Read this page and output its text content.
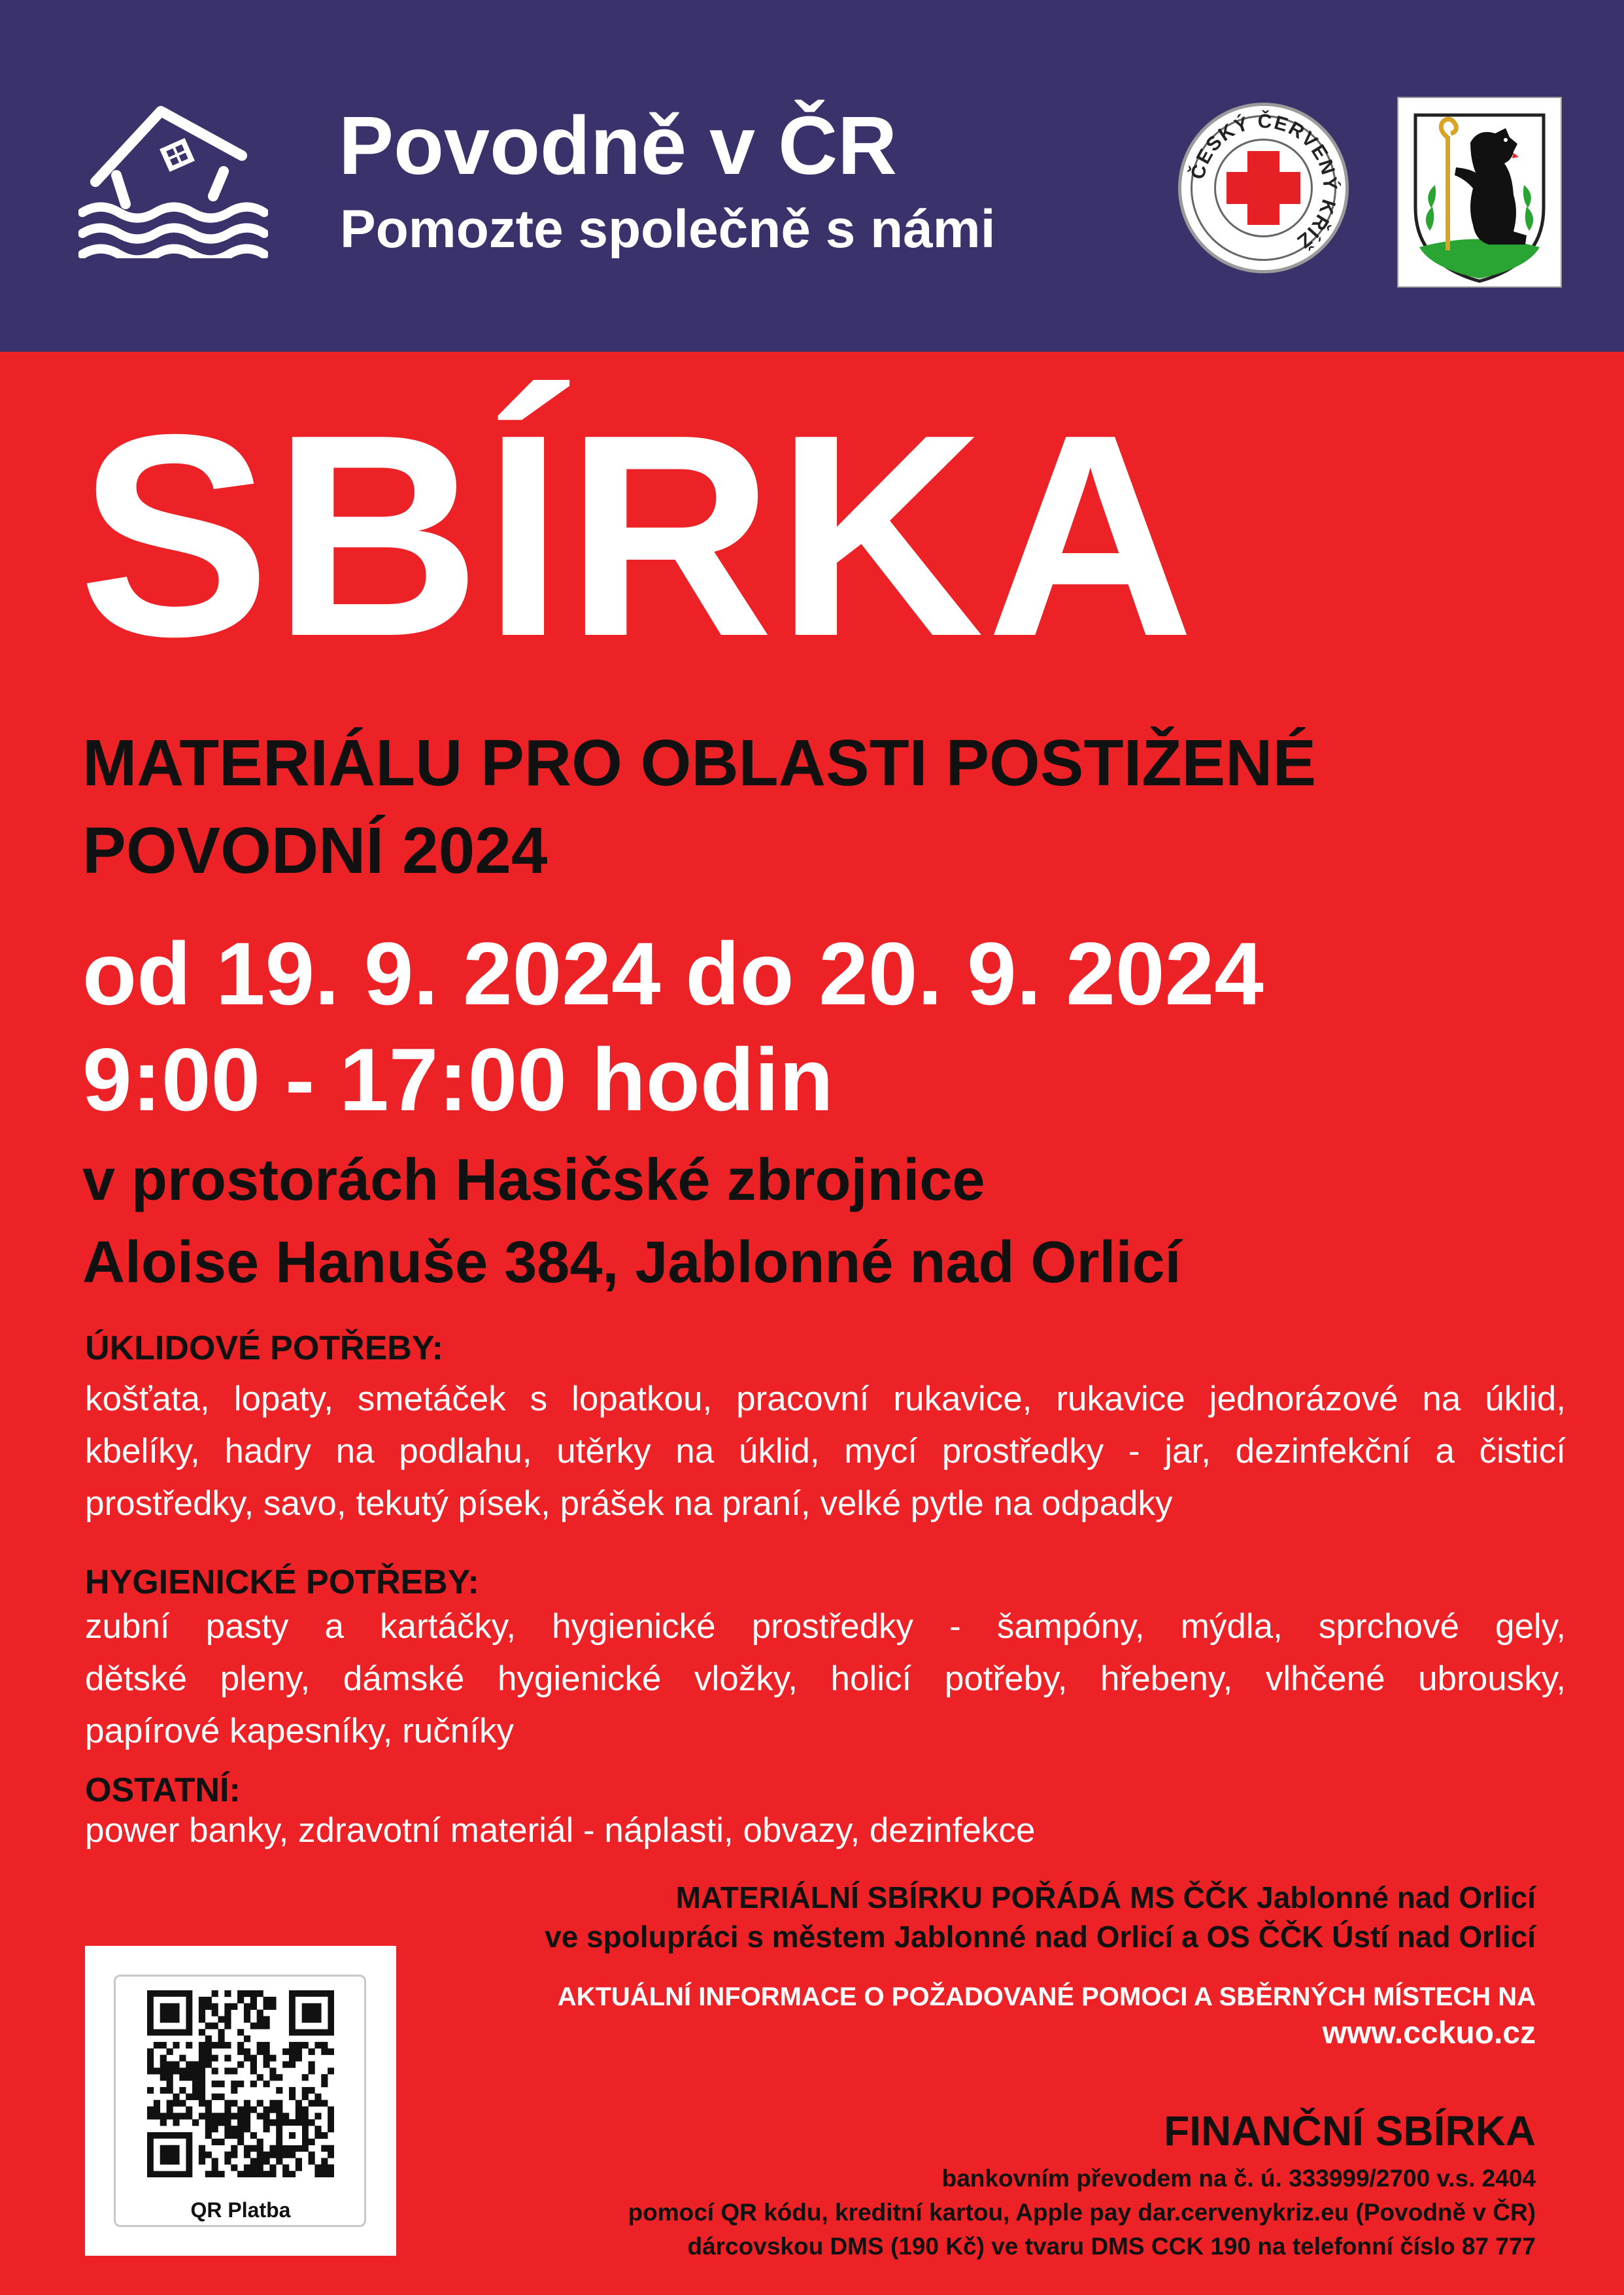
Povodně v ČR
Pomozte společně s námi
ČESKÝ ČERVENÝ KŘÍŽ
SBÍRKA
MATERIÁLU PRO OBLASTI POSTIŽENÉ
POVODNÍ 2024
od 19. 9. 2024 do 20. 9. 2024
9:00 - 17:00 hodin
v prostorách Hasičské zbrojnice
Aloise Hanuše 384, Jablonné nad Orlicí
ÚKLIDOVÉ POTŘEBY:
košťata, lopaty, smetáček s lopatkou, pracovní rukavice, rukavice jednorázové na úklid,
kbelíky, hadry na podlahu, utěrky na úklid, mycí prostředky - jar, dezinfekční a čisticí
prostředky, savo, tekutý písek, prášek na praní, velké pytle na odpadky
HYGIENICKÉ POTŘEBY:
zubní pasty a kartáčky, hygienické prostředky - šampóny, mýdla, sprchové gely,
dětské pleny, dámské hygienické vložky, holicí potřeby, hřebeny, vlhčené ubrousky,
papírové kapesníky, ručníky
OSTATNÍ:
power banky, zdravotní materiál - náplasti, obvazy, dezinfekce
MATERIÁLNÍ SBÍRKU POŘÁDÁ MS ČČK Jablonné nad Orlicí
ve spolupráci s městem Jablonné nad Orlicí a OS ČČK Ústí nad Orlicí
AKTUÁLNÍ INFORMACE O POŽADOVANÉ POMOCI A SBĚRNÝCH MÍSTECH NA
www.cckuo.cz
FINANČNÍ SBÍRKA
bankovním převodem na č. ú. 333999/2700 v.s. 2404
pomocí QR kódu, kreditní kartou, Apple pay dar.cervenykriz.eu (Povodně v ČR)
dárcovskou DMS (190 Kč) ve tvaru DMS CCK 190 na telefonní číslo 87 777
QR Platba
